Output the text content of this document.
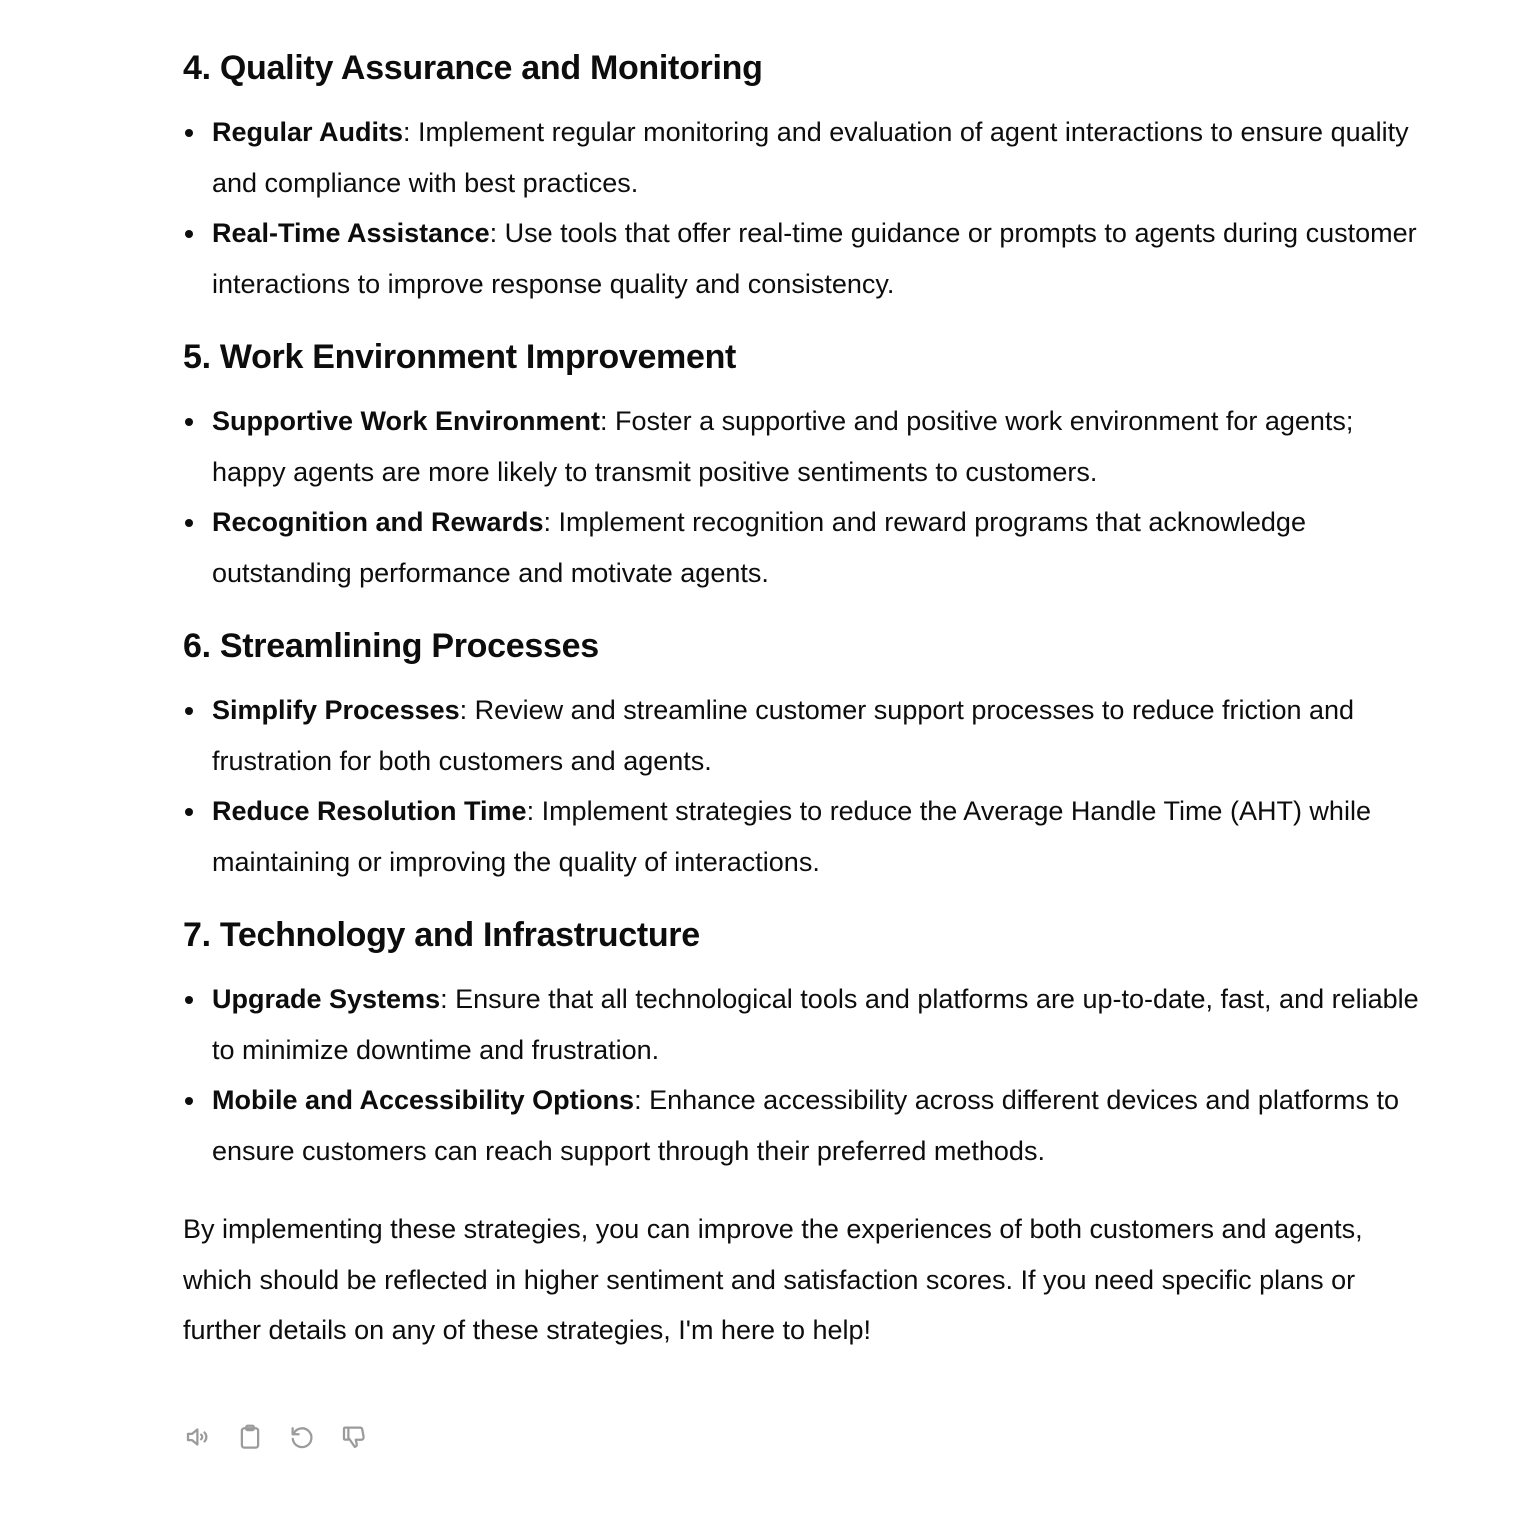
4. Quality Assurance and Monitoring
Regular Audits: Implement regular monitoring and evaluation of agent interactions to ensure quality and compliance with best practices.
Real-Time Assistance: Use tools that offer real-time guidance or prompts to agents during customer interactions to improve response quality and consistency.
5. Work Environment Improvement
Supportive Work Environment: Foster a supportive and positive work environment for agents; happy agents are more likely to transmit positive sentiments to customers.
Recognition and Rewards: Implement recognition and reward programs that acknowledge outstanding performance and motivate agents.
6. Streamlining Processes
Simplify Processes: Review and streamline customer support processes to reduce friction and frustration for both customers and agents.
Reduce Resolution Time: Implement strategies to reduce the Average Handle Time (AHT) while maintaining or improving the quality of interactions.
7. Technology and Infrastructure
Upgrade Systems: Ensure that all technological tools and platforms are up-to-date, fast, and reliable to minimize downtime and frustration.
Mobile and Accessibility Options: Enhance accessibility across different devices and platforms to ensure customers can reach support through their preferred methods.

By implementing these strategies, you can improve the experiences of both customers and agents, which should be reflected in higher sentiment and satisfaction scores. If you need specific plans or further details on any of these strategies, I'm here to help!
